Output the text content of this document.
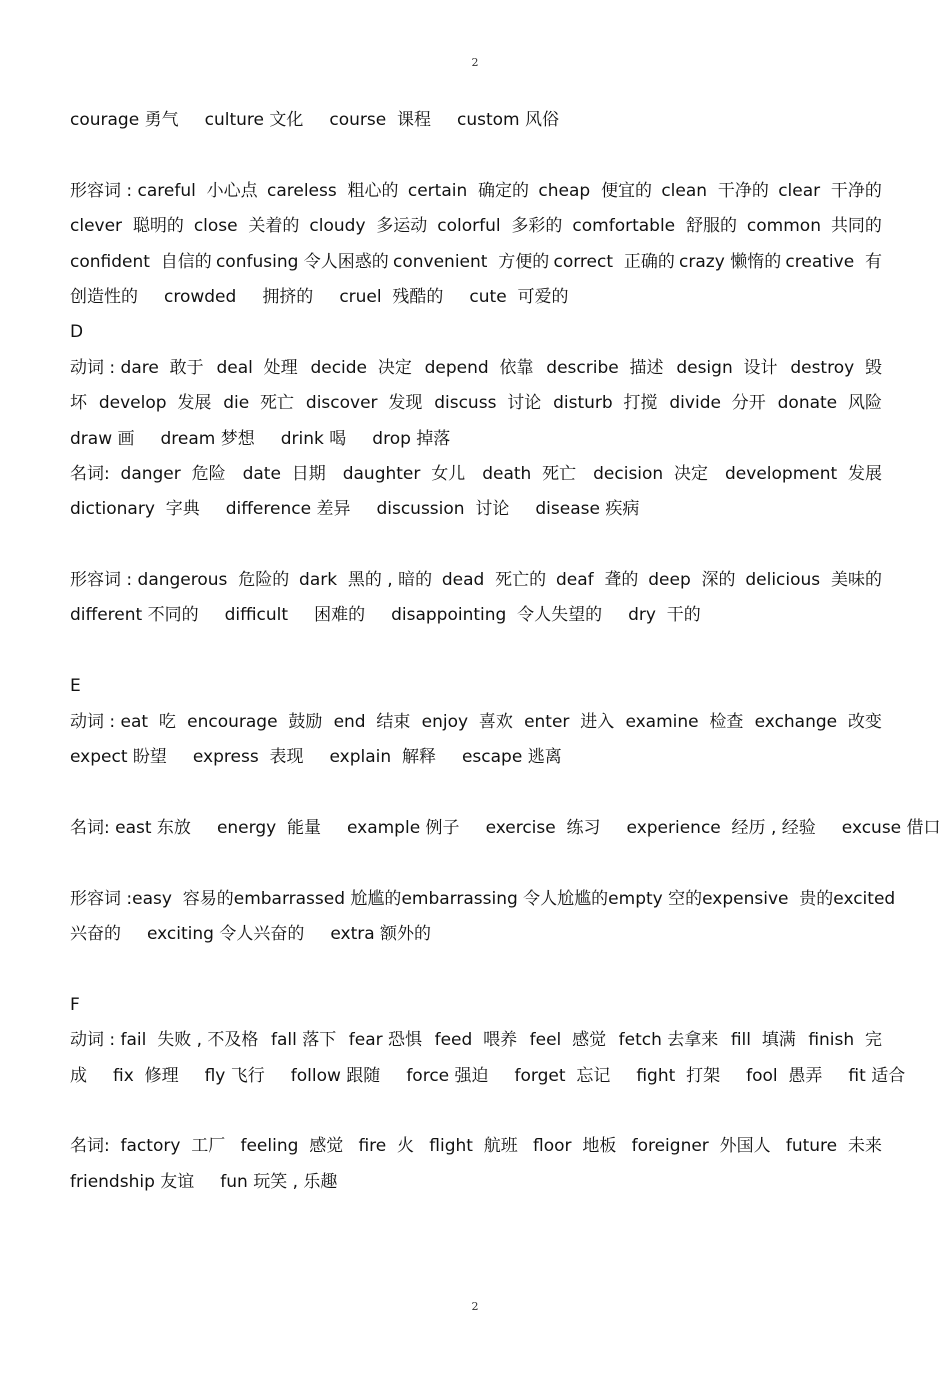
2
courage 勇气 culture 文化 course  课程 custom 风俗
形容词 : careful  小心点 careless  粗心的 certain  确定的 cheap  便宜的 clean  干净的 clear  干净的
clever  聪明的 close  关着的 cloudy  多运动 colorful  多彩的 comfortable  舒服的 common 共同的
confident  自信的 confusing 令人困惑的 convenient  方便的 correct  正确的 crazy 懒惰的 creative  有
创造性的 crowded 拥挤的 cruel  残酷的 cute  可爱的
D
动词 : dare  敢于 deal  处理 decide  决定 depend  依靠 describe  描述 design  设计 destroy  毁
坏 develop  发展 die  死亡 discover  发现 discuss  讨论 disturb  打搅 divide  分开 donate  风险
draw 画 dream 梦想 drink 喝 drop 掉落
名词:  danger  危险 date  日期 daughter  女儿 death  死亡 decision  决定 development  发展
dictionary  字典 difference 差异 discussion  讨论 disease 疾病
形容词 : dangerous  危险的 dark  黑的 , 暗的 dead  死亡的 deaf  聋的 deep  深的 delicious  美味的
different 不同的 difficult 困难的 disappointing  令人失望的 dry  干的
E
动词 : eat  吃 encourage  鼓励 end  结束 enjoy  喜欢 enter  进入 examine  检查 exchange  改变
expect 盼望 express  表现 explain  解释 escape 逃离
名词: east 东放 energy  能量 example 例子 exercise  练习 experience  经历 , 经验 excuse 借口
形容词 :easy  容易的 embarrassed 尬尴的 embarrassing 令人尬尴的 empty 空的 expensive  贵的 excited
兴奋的 exciting 令人兴奋的 extra 额外的
F
动词 : fail  失败 , 不及格 fall 落下 fear 恐惧 feed  喂养 feel  感觉 fetch 去拿来 fill  填满 finish  完
成 fix  修理 fly 飞行 follow 跟随 force 强迫 forget  忘记 fight  打架 fool  愚弄 fit 适合
名词:  factory  工厂 feeling  感觉 fire  火 flight  航班 floor  地板 foreigner  外国人 future  未来
friendship 友谊 fun 玩笑 , 乐趣
2
